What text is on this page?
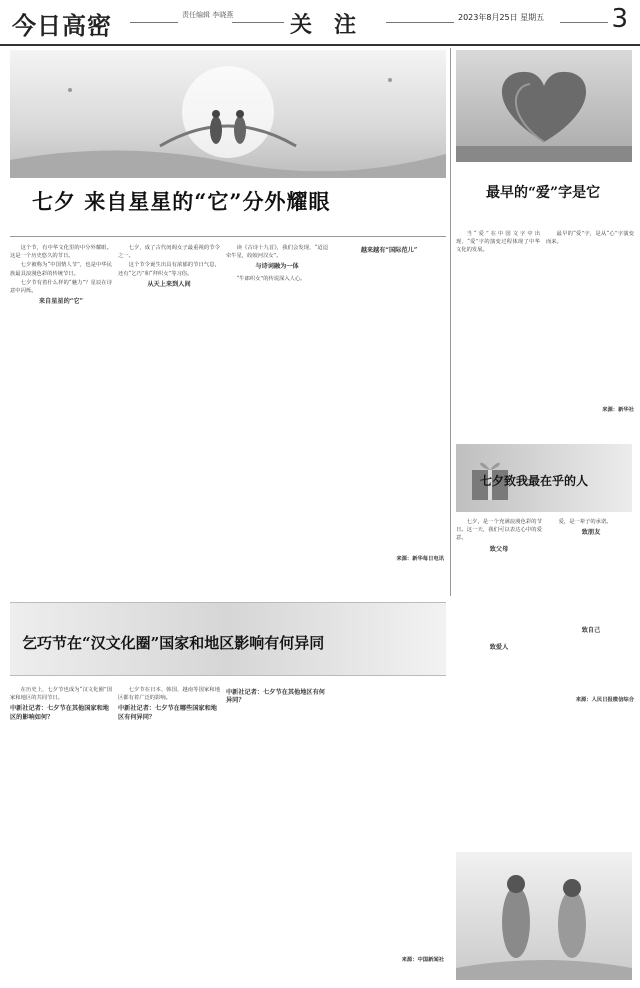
今日高密	责任编辑 李晓燕	关注	2023年8月25日 星期五	3
七夕 来自星星的“它”分外耀眼

这个节，有中华文化里的中分外耀眼。这是一个历史悠久的节日。

七夕被称为“中国情人节”，也是中华民族最具浪漫色彩的传统节日。

七夕节有着什么样的“魅力”？星辰在诗意中闪烁。

来自星星的“它”

七夕，成了古代闺阁女子最重视的节令之一。

这个节令诞生出具有浓郁的节日气息，还有“乞巧”和“拜织女”等习俗。

从天上来到人间

读《古诗十九首》，我们会发现，“迢迢牵牛星，皎皎河汉女”。

与诗词融为一体

“牛郎织女”的传说深入人心。

越来越有“国际范儿”

来源：新华每日电讯

最早的“爱”字是它

当“爱”在中国文字中出现，“爱”字的演变过程体现了中华文化的发展。

最早的“爱”字，是从“心”字演变而来。

来源：新华社

七夕致我最在乎的人

七夕，是一个充满浪漫色彩的节日。这一天，我们可以表达心中的爱意。

致父母

致爱人

爱，是一辈子的承诺。

致朋友

致自己

来源：人民日报微信综合

乞巧节在“汉文化圈”国家和地区影响有何异同

在历史上，七夕节也成为“汉文化圈”国家和地区的共同节日。

中新社记者：七夕节在其他国家和地区的影响如何？

七夕节在日本、韩国、越南等国家和地区都有着广泛的影响。

中新社记者：七夕节在哪些国家和地区有何异同？

中新社记者：七夕节在其他地区有何异同？

来源：中国新闻社
